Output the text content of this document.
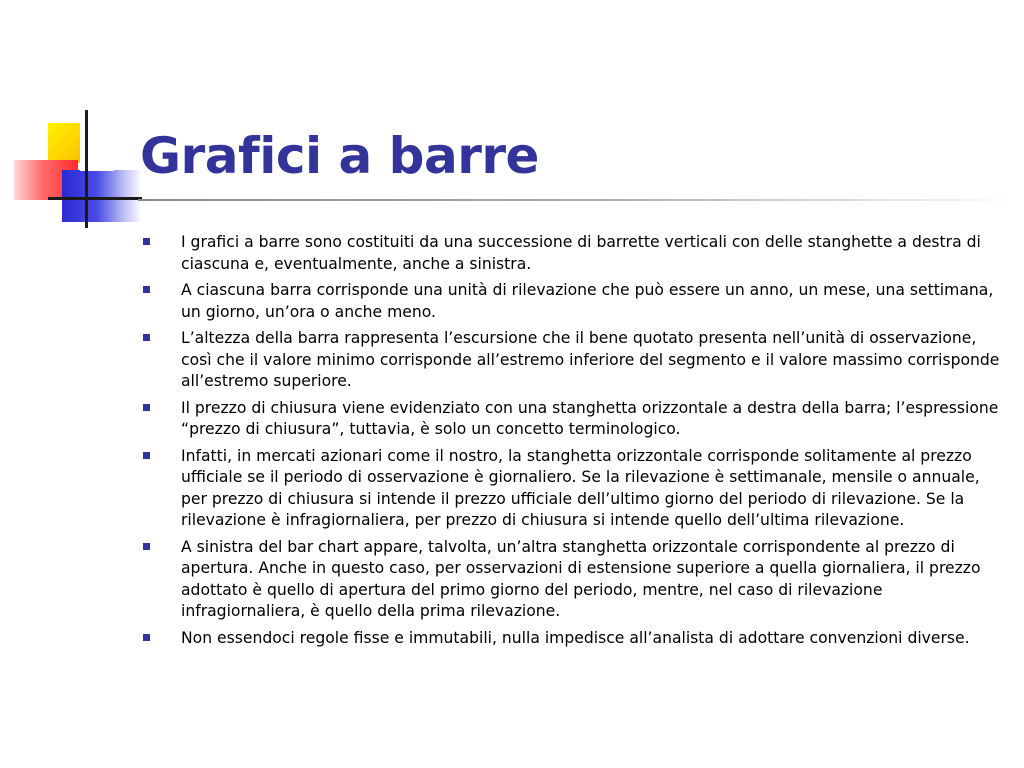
Grafici a barre
I grafici a barre sono costituiti da una successione di barrette verticali con delle stanghette a destra di ciascuna e, eventualmente, anche a sinistra.
A ciascuna barra corrisponde una unità di rilevazione che può essere un anno, un mese, una settimana, un giorno, un’ora o anche meno.
L’altezza della barra rappresenta l’escursione che il bene quotato presenta nell’unità di osservazione, così che il valore minimo corrisponde all’estremo inferiore del segmento e il valore massimo corrisponde all’estremo superiore.
Il prezzo di chiusura viene evidenziato con una stanghetta orizzontale a destra della barra; l’espressione “prezzo di chiusura”, tuttavia, è solo un concetto terminologico.
Infatti, in mercati azionari come il nostro, la stanghetta orizzontale corrisponde solitamente al prezzo ufficiale se il periodo di osservazione è giornaliero. Se la rilevazione è settimanale, mensile o annuale, per prezzo di chiusura si intende il prezzo ufficiale dell’ultimo giorno del periodo di rilevazione. Se la rilevazione è infragiornaliera, per prezzo di chiusura si intende quello dell’ultima rilevazione.
A sinistra del bar chart appare, talvolta, un’altra stanghetta orizzontale corrispondente al prezzo di apertura. Anche in questo caso, per osservazioni di estensione superiore a quella giornaliera, il prezzo adottato è quello di apertura del primo giorno del periodo, mentre, nel caso di rilevazione infragiornaliera, è quello della prima rilevazione.
Non essendoci regole fisse e immutabili, nulla impedisce all’analista di adottare convenzioni diverse.
